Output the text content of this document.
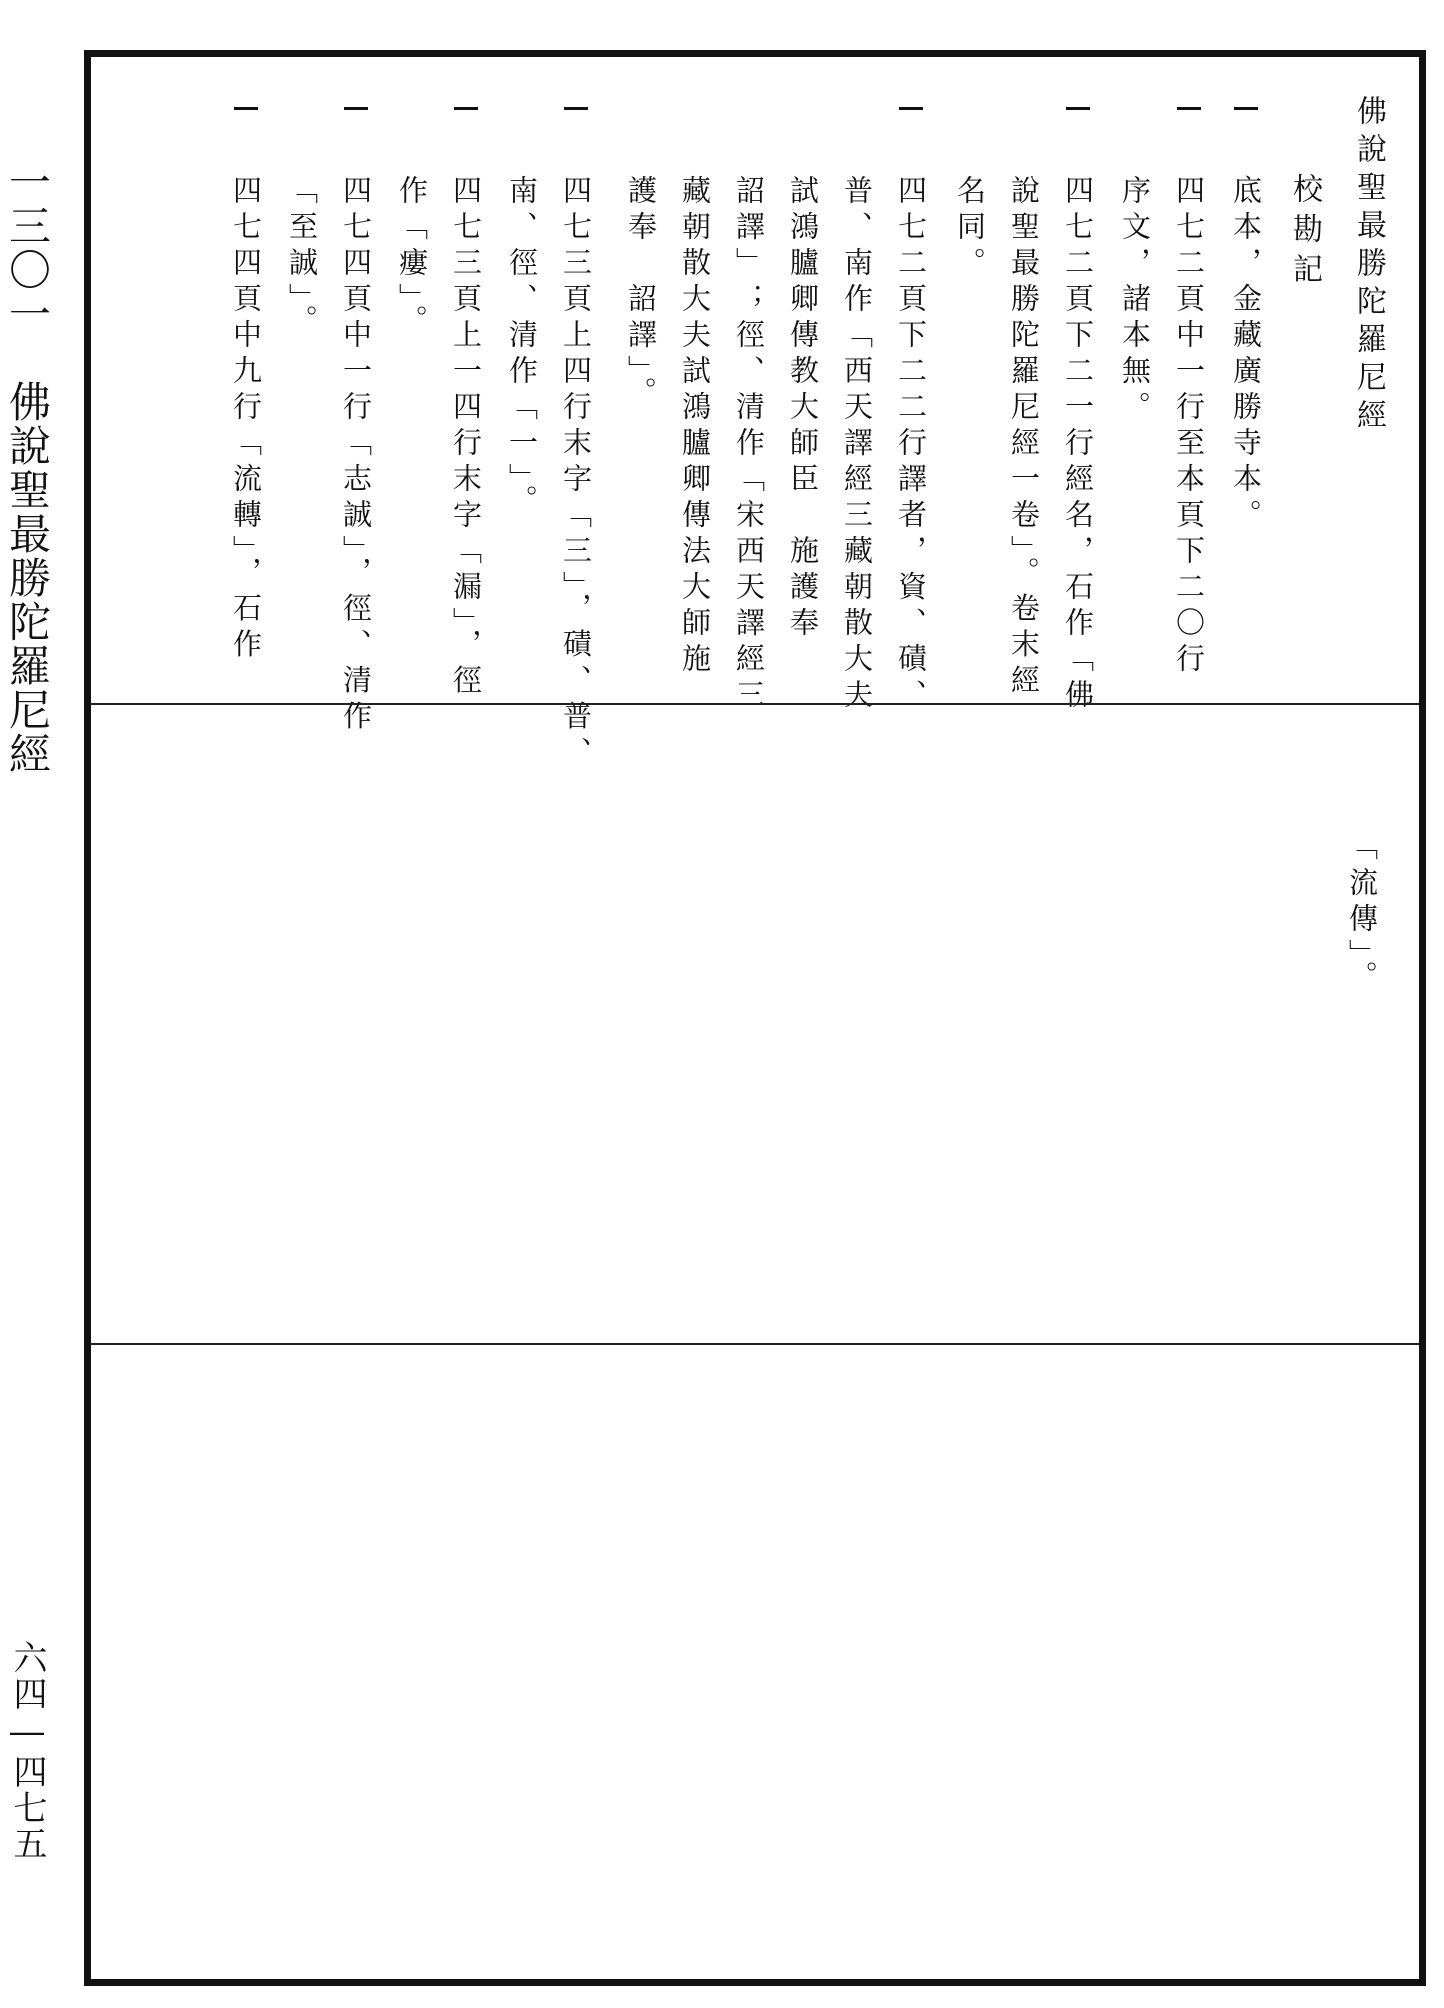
一三〇一　佛說聖最勝陀羅尼經
六四―四七五
佛說聖最勝陀羅尼經
校勘記
底本，金藏廣勝寺本。
四七二頁中一行至本頁下二〇行
序文，諸本無。
四七二頁下二一行經名，石作「佛
說聖最勝陀羅尼經一卷」。卷末經
名同。
四七二頁下二二行譯者，資、磧、
普、南作「西天譯經三藏朝散大夫
試鴻臚卿傳教大師臣　施護奉
詔譯」；徑、清作「宋西天譯經三
藏朝散大夫試鴻臚卿傳法大師施
護奉　詔譯」。
四七三頁上四行末字「三」，磧、普、
南、徑、清作「一」。
四七三頁上一四行末字「漏」，徑
作「瘻」。
四七四頁中一行「志誠」，徑、清作
「至誠」。
四七四頁中九行「流轉」，石作
「流傳」。
